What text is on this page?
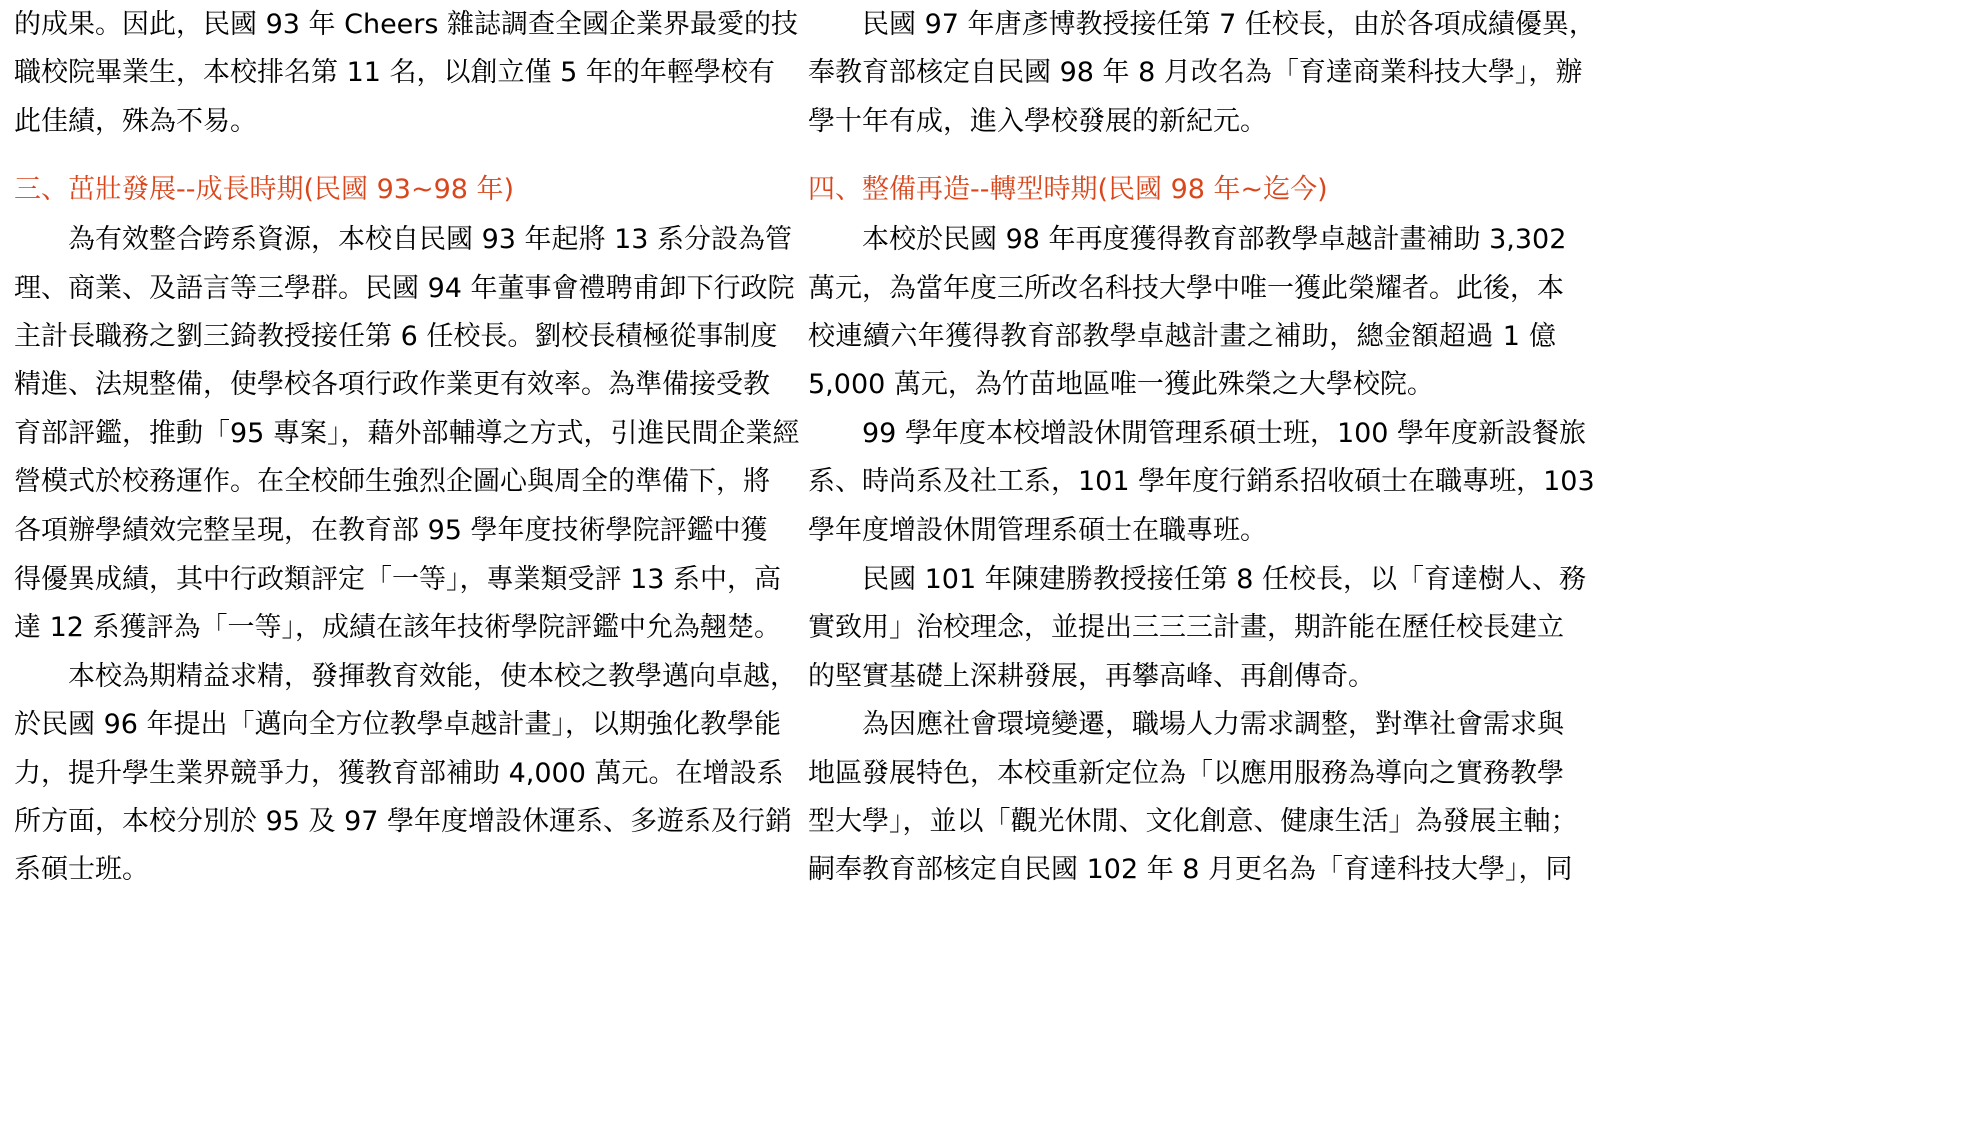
的成果。因此，民國 93 年 Cheers 雜誌調查全國企業界最愛的技
職校院畢業生，本校排名第 11 名，以創立僅 5 年的年輕學校有
此佳績，殊為不易。
三、茁壯發展--成長時期(民國 93~98 年)
為有效整合跨系資源，本校自民國 93 年起將 13 系分設為管
理、商業、及語言等三學群。民國 94 年董事會禮聘甫卸下行政院
主計長職務之劉三錡教授接任第 6 任校長。劉校長積極從事制度
精進、法規整備，使學校各項行政作業更有效率。為準備接受教
育部評鑑，推動「95 專案」，藉外部輔導之方式，引進民間企業經
營模式於校務運作。在全校師生強烈企圖心與周全的準備下，將
各項辦學績效完整呈現，在教育部 95 學年度技術學院評鑑中獲
得優異成績，其中行政類評定「一等」，專業類受評 13 系中，高
達 12 系獲評為「一等」，成績在該年技術學院評鑑中允為翹楚。
本校為期精益求精，發揮教育效能，使本校之教學邁向卓越，
於民國 96 年提出「邁向全方位教學卓越計畫」，以期強化教學能
力，提升學生業界競爭力，獲教育部補助 4,000 萬元。在增設系
所方面，本校分別於 95 及 97 學年度增設休運系、多遊系及行銷
系碩士班。
民國 97 年唐彥博教授接任第 7 任校長，由於各項成績優異，
奉教育部核定自民國 98 年 8 月改名為「育達商業科技大學」，辦
學十年有成，進入學校發展的新紀元。
四、整備再造--轉型時期(民國 98 年~迄今)
本校於民國 98 年再度獲得教育部教學卓越計畫補助 3,302
萬元，為當年度三所改名科技大學中唯一獲此榮耀者。此後，本
校連續六年獲得教育部教學卓越計畫之補助，總金額超過 1 億
5,000 萬元，為竹苗地區唯一獲此殊榮之大學校院。
99 學年度本校增設休閒管理系碩士班，100 學年度新設餐旅
系、時尚系及社工系，101 學年度行銷系招收碩士在職專班，103
學年度增設休閒管理系碩士在職專班。
民國 101 年陳建勝教授接任第 8 任校長，以「育達樹人、務
實致用」治校理念，並提出三三三計畫，期許能在歷任校長建立
的堅實基礎上深耕發展，再攀高峰、再創傳奇。
為因應社會環境變遷，職場人力需求調整，對準社會需求與
地區發展特色，本校重新定位為「以應用服務為導向之實務教學
型大學」，並以「觀光休閒、文化創意、健康生活」為發展主軸；
嗣奉教育部核定自民國 102 年 8 月更名為「育達科技大學」，同
